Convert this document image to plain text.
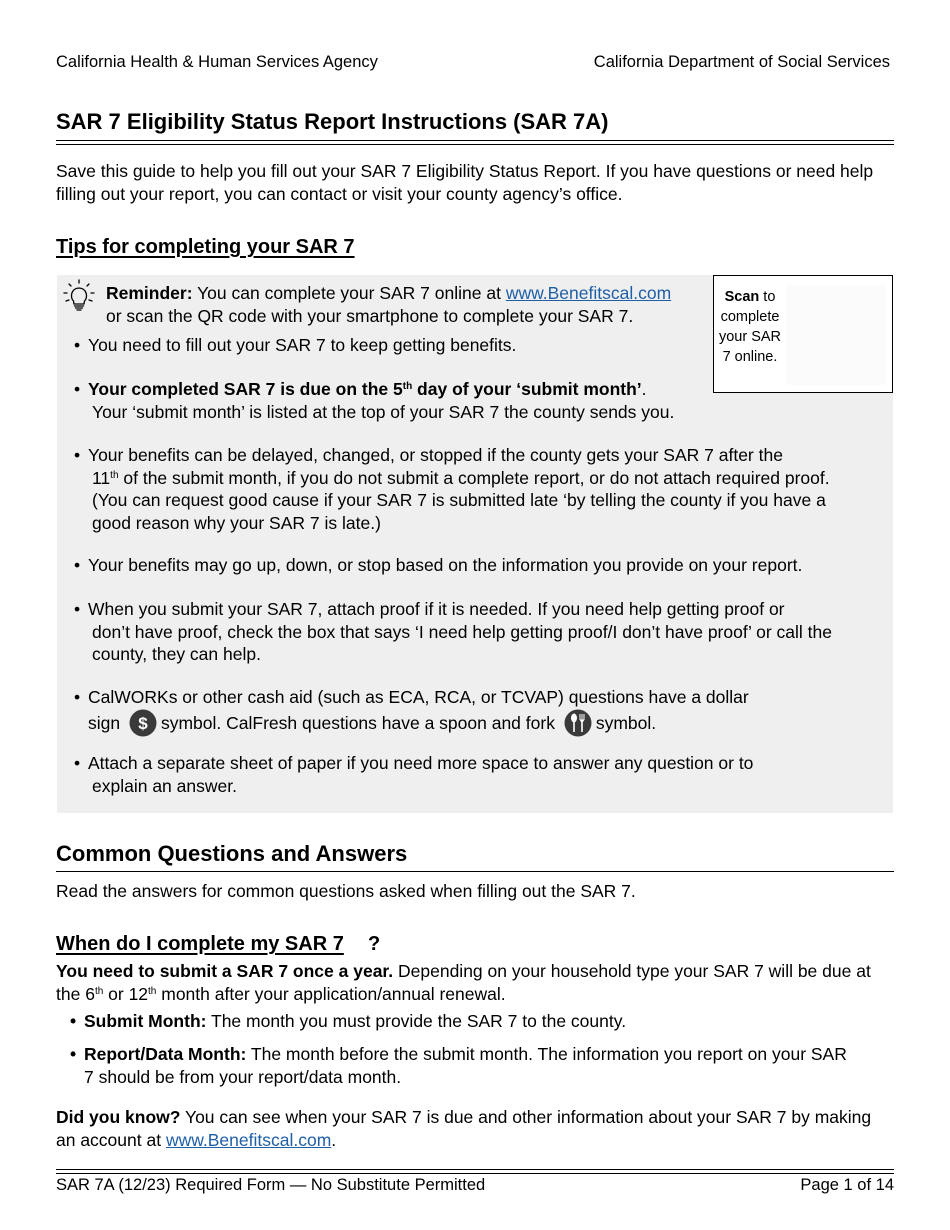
California Health & Human Services Agency	California Department of Social Services
SAR 7 Eligibility Status Report Instructions (SAR 7A)
Save this guide to help you fill out your SAR 7 Eligibility Status Report. If you have questions or need help filling out your report, you can contact or visit your county agency’s office.
Tips for completing your SAR 7
Reminder: You can complete your SAR 7 online at www.Benefitscal.com
or scan the QR code with your smartphone to complete your SAR 7.
Scan to complete your SAR 7 online.
• You need to fill out your SAR 7 to keep getting benefits.
• Your completed SAR 7 is due on the 5th day of your ‘submit month’.
Your ‘submit month’ is listed at the top of your SAR 7 the county sends you.
• Your benefits can be delayed, changed, or stopped if the county gets your SAR 7 after the
11th of the submit month, if you do not submit a complete report, or do not attach required proof. (You can request good cause if your SAR 7 is submitted late ‘by telling the county if you have a good reason why your SAR 7 is late.)
• Your benefits may go up, down, or stop based on the information you provide on your report.
• When you submit your SAR 7, attach proof if it is needed. If you need help getting proof or
don’t have proof, check the box that says ‘I need help getting proof/I don’t have proof’ or call the county, they can help.
• CalWORKs or other cash aid (such as ECA, RCA, or TCVAP) questions have a dollar
sign $ symbol. CalFresh questions have a spoon and fork symbol.
• Attach a separate sheet of paper if you need more space to answer any question or to
explain an answer.
Common Questions and Answers
Read the answers for common questions asked when filling out the SAR 7.
When do I complete my SAR 7 ?
You need to submit a SAR 7 once a year. Depending on your household type your SAR 7 will be due at the 6th or 12th month after your application/annual renewal.
• Submit Month: The month you must provide the SAR 7 to the county.
• Report/Data Month: The month before the submit month. The information you report on your SAR 7 should be from your report/data month.
Did you know? You can see when your SAR 7 is due and other information about your SAR 7 by making an account at www.Benefitscal.com.
SAR 7A (12/23) Required Form — No Substitute Permitted	Page 1 of 14
